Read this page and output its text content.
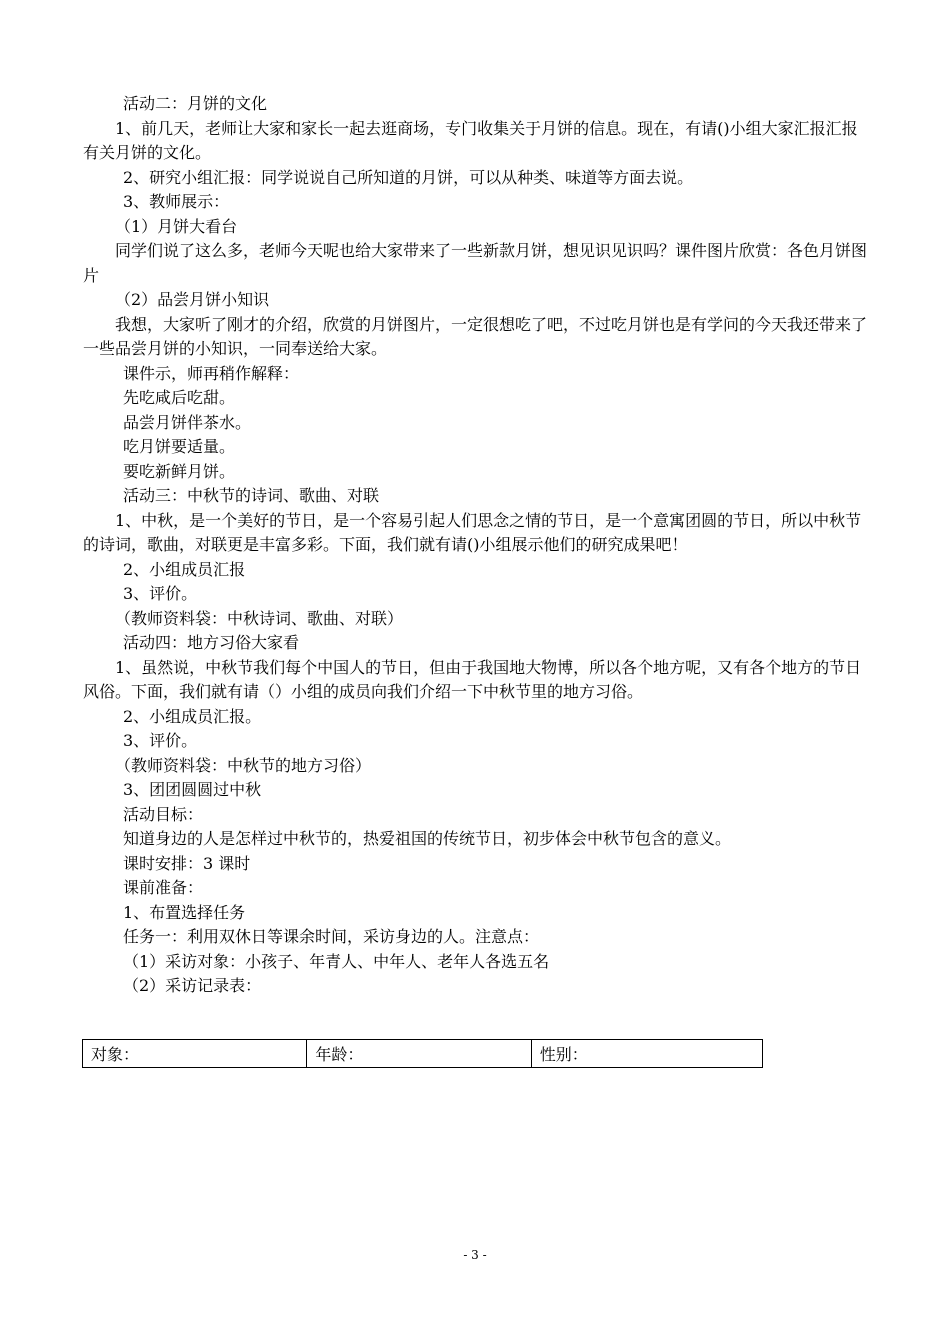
活动二：月饼的文化
1、前几天，老师让大家和家长一起去逛商场，专门收集关于月饼的信息。现在，有请()小组大家汇报汇报有关月饼的文化。
2、研究小组汇报：同学说说自己所知道的月饼，可以从种类、味道等方面去说。
3、教师展示：
（1）月饼大看台
同学们说了这么多，老师今天呢也给大家带来了一些新款月饼，想见识见识吗？课件图片欣赏：各色月饼图片
（2）品尝月饼小知识
我想，大家听了刚才的介绍，欣赏的月饼图片，一定很想吃了吧，不过吃月饼也是有学问的今天我还带来了一些品尝月饼的小知识，一同奉送给大家。
课件示，师再稍作解释：
先吃咸后吃甜。
品尝月饼伴茶水。
吃月饼要适量。
要吃新鲜月饼。
活动三：中秋节的诗词、歌曲、对联
1、中秋，是一个美好的节日，是一个容易引起人们思念之情的节日，是一个意寓团圆的节日，所以中秋节的诗词，歌曲，对联更是丰富多彩。下面，我们就有请()小组展示他们的研究成果吧！
2、小组成员汇报
3、评价。
（教师资料袋：中秋诗词、歌曲、对联）
活动四：地方习俗大家看
1、虽然说，中秋节我们每个中国人的节日，但由于我国地大物博，所以各个地方呢，又有各个地方的节日风俗。下面，我们就有请（）小组的成员向我们介绍一下中秋节里的地方习俗。
2、小组成员汇报。
3、评价。
（教师资料袋：中秋节的地方习俗）
3、团团圆圆过中秋
活动目标：
知道身边的人是怎样过中秋节的，热爱祖国的传统节日，初步体会中秋节包含的意义。
课时安排：3 课时
课前准备：
1、布置选择任务
任务一：利用双休日等课余时间，采访身边的人。注意点：
（1）采访对象：小孩子、年青人、中年人、老年人各选五名
（2）采访记录表：
对象：	年龄：	性别：
- 3 -
